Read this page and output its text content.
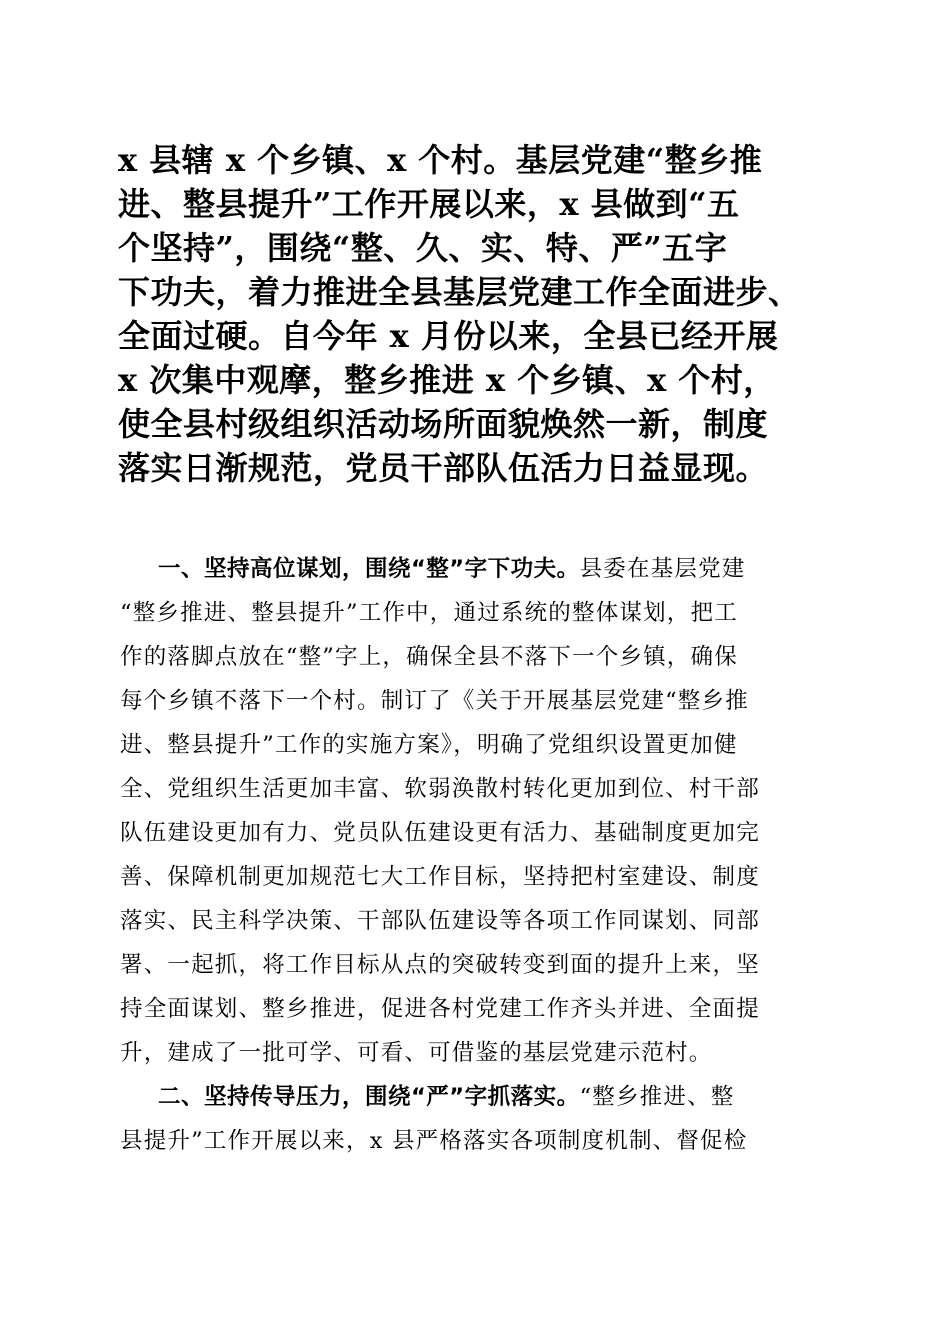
x 县辖 x 个乡镇、x 个村。基层党建“整乡推
进、整县提升”工作开展以来，x 县做到“五
个坚持”，围绕“整、久、实、特、严”五字
下功夫，着力推进全县基层党建工作全面进步、
全面过硬。自今年 x 月份以来，全县已经开展
x 次集中观摩，整乡推进 x 个乡镇、x 个村，
使全县村级组织活动场所面貌焕然一新，制度
落实日渐规范，党员干部队伍活力日益显现。
一、坚持高位谋划，围绕“整”字下功夫。县委在基层党建
“整乡推进、整县提升”工作中，通过系统的整体谋划，把工
作的落脚点放在“整”字上，确保全县不落下一个乡镇，确保
每个乡镇不落下一个村。制订了《关于开展基层党建“整乡推
进、整县提升”工作的实施方案》，明确了党组织设置更加健
全、党组织生活更加丰富、软弱涣散村转化更加到位、村干部
队伍建设更加有力、党员队伍建设更有活力、基础制度更加完
善、保障机制更加规范七大工作目标，坚持把村室建设、制度
落实、民主科学决策、干部队伍建设等各项工作同谋划、同部
署、一起抓，将工作目标从点的突破转变到面的提升上来，坚
持全面谋划、整乡推进，促进各村党建工作齐头并进、全面提
升，建成了一批可学、可看、可借鉴的基层党建示范村。
二、坚持传导压力，围绕“严”字抓落实。“整乡推进、整
县提升”工作开展以来，x 县严格落实各项制度机制、督促检
